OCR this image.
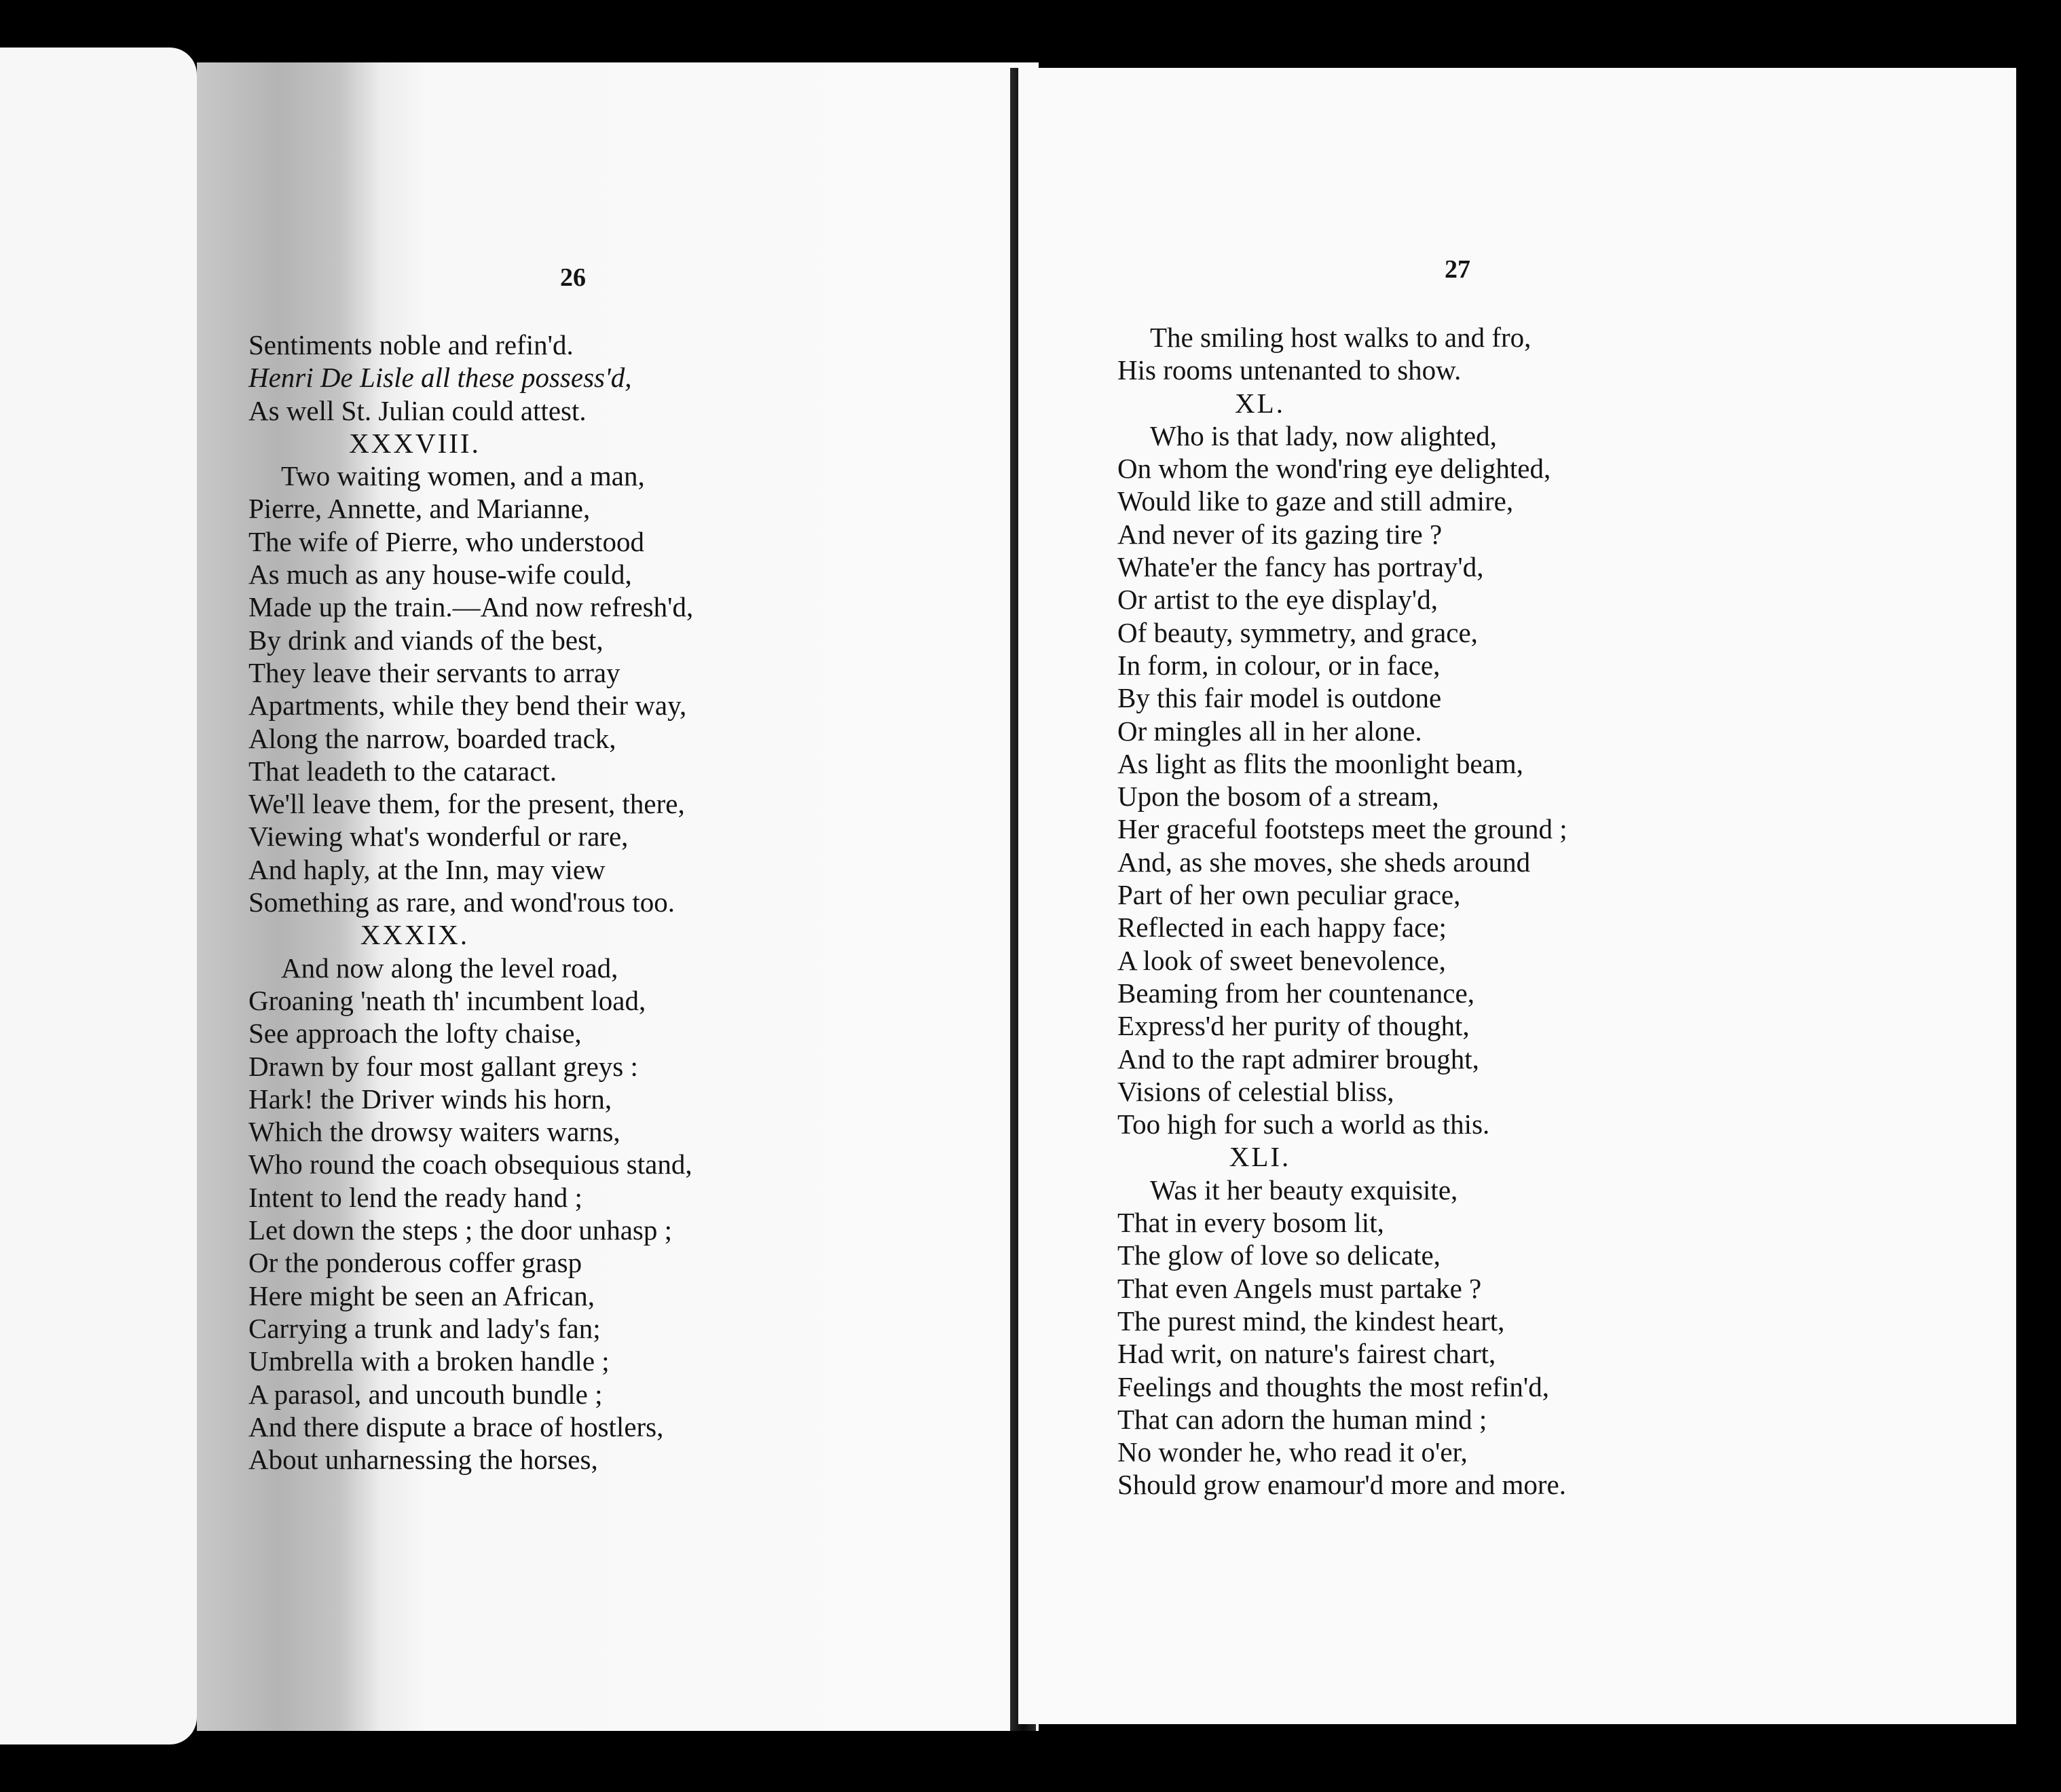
26
Sentiments noble and refin'd.
Henri De Lisle all these possess'd,
As well St. Julian could attest.
XXXVIII.
Two waiting women, and a man,
Pierre, Annette, and Marianne,
The wife of Pierre, who understood
As much as any house-wife could,
Made up the train.—And now refresh'd,
By drink and viands of the best,
They leave their servants to array
Apartments, while they bend their way,
Along the narrow, boarded track,
That leadeth to the cataract.
We'll leave them, for the present, there,
Viewing what's wonderful or rare,
And haply, at the Inn, may view
Something as rare, and wond'rous too.
XXXIX.
And now along the level road,
Groaning 'neath th' incumbent load,
See approach the lofty chaise,
Drawn by four most gallant greys :
Hark! the Driver winds his horn,
Which the drowsy waiters warns,
Who round the coach obsequious stand,
Intent to lend the ready hand ;
Let down the steps ; the door unhasp ;
Or the ponderous coffer grasp
Here might be seen an African,
Carrying a trunk and lady's fan;
Umbrella with a broken handle ;
A parasol, and uncouth bundle ;
And there dispute a brace of hostlers,
About unharnessing the horses,
27
The smiling host walks to and fro,
His rooms untenanted to show.
XL.
Who is that lady, now alighted,
On whom the wond'ring eye delighted,
Would like to gaze and still admire,
And never of its gazing tire ?
Whate'er the fancy has portray'd,
Or artist to the eye display'd,
Of beauty, symmetry, and grace,
In form, in colour, or in face,
By this fair model is outdone
Or mingles all in her alone.
As light as flits the moonlight beam,
Upon the bosom of a stream,
Her graceful footsteps meet the ground ;
And, as she moves, she sheds around
Part of her own peculiar grace,
Reflected in each happy face;
A look of sweet benevolence,
Beaming from her countenance,
Express'd her purity of thought,
And to the rapt admirer brought,
Visions of celestial bliss,
Too high for such a world as this.
XLI.
Was it her beauty exquisite,
That in every bosom lit,
The glow of love so delicate,
That even Angels must partake ?
The purest mind, the kindest heart,
Had writ, on nature's fairest chart,
Feelings and thoughts the most refin'd,
That can adorn the human mind ;
No wonder he, who read it o'er,
Should grow enamour'd more and more.
